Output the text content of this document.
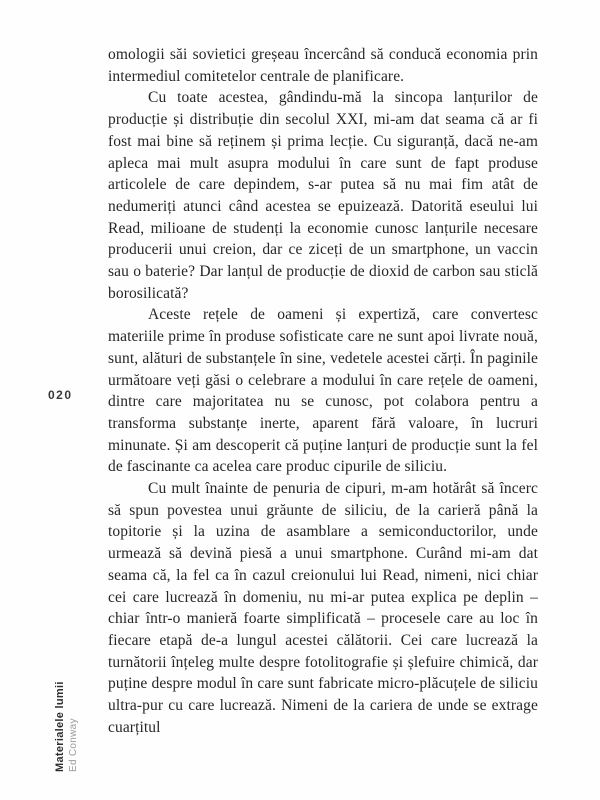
020
Materialele lumii Ed Conway

omologii săi sovietici greșeau încercând să conducă economia prin intermediul comitetelor centrale de planificare.

Cu toate acestea, gândindu-mă la sincopa lanțurilor de producție și distribuție din secolul XXI, mi-am dat seama că ar fi fost mai bine să reținem și prima lecție. Cu siguranță, dacă ne-am apleca mai mult asupra modului în care sunt de fapt produse articolele de care depindem, s-ar putea să nu mai fim atât de nedumeriți atunci când acestea se epuizează. Datorită eseului lui Read, milioane de studenți la economie cunosc lanțurile necesare producerii unui creion, dar ce ziceți de un smartphone, un vaccin sau o baterie? Dar lanțul de producție de dioxid de carbon sau sticlă borosilicată?

Aceste rețele de oameni și expertiză, care convertesc materiile prime în produse sofisticate care ne sunt apoi livrate nouă, sunt, alături de substanțele în sine, vedetele acestei cărți. În paginile următoare veți găsi o celebrare a modului în care rețele de oameni, dintre care majoritatea nu se cunosc, pot colabora pentru a transforma substanțe inerte, aparent fără valoare, în lucruri minunate. Și am descoperit că puține lanțuri de producție sunt la fel de fascinante ca acelea care produc cipurile de siliciu.

Cu mult înainte de penuria de cipuri, m-am hotărât să încerc să spun povestea unui grăunte de siliciu, de la carieră până la topitorie și la uzina de asamblare a semiconductorilor, unde urmează să devină piesă a unui smartphone. Curând mi-am dat seama că, la fel ca în cazul creionului lui Read, nimeni, nici chiar cei care lucrează în domeniu, nu mi-ar putea explica pe deplin – chiar într-o manieră foarte simplificată – procesele care au loc în fiecare etapă de-a lungul acestei călătorii. Cei care lucrează la turnătorii înțeleg multe despre fotolitografie și șlefuire chimică, dar puține despre modul în care sunt fabricate micro-plăcuțele de siliciu ultra-pur cu care lucrează. Nimeni de la cariera de unde se extrage cuarțitul
